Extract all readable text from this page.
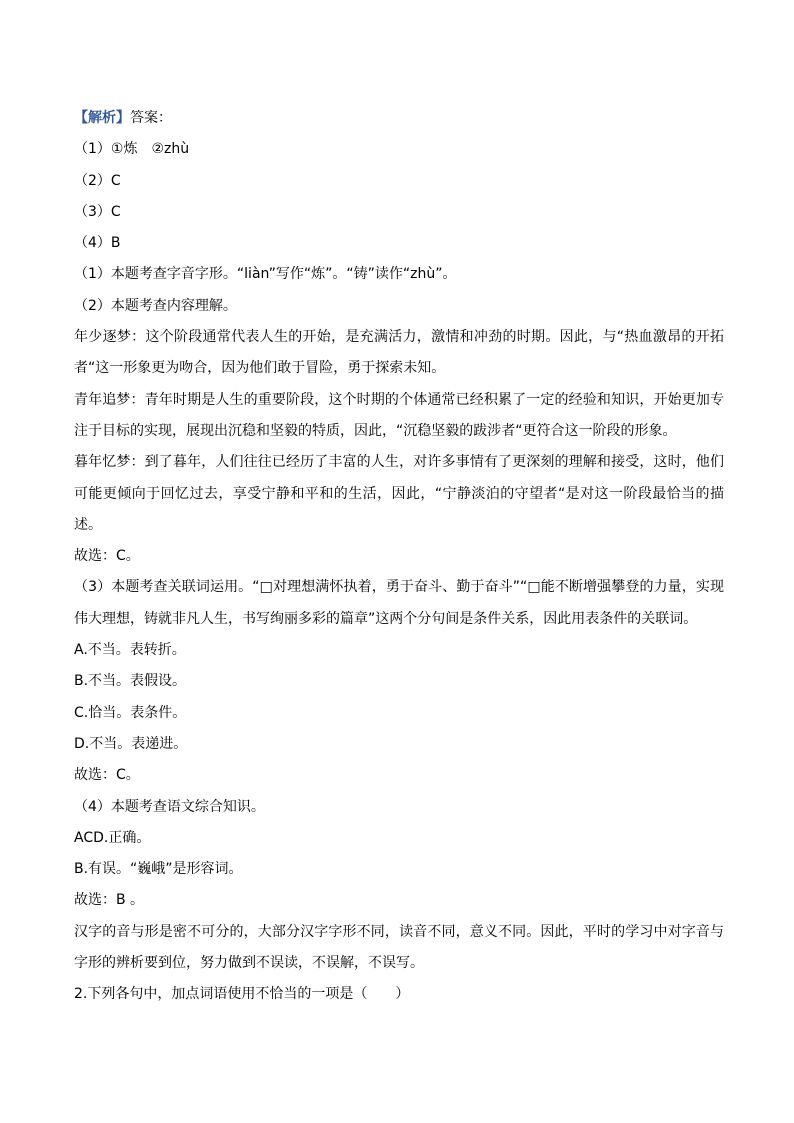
【解析】答案：
（1）①炼　②zhù
（2）C
（3）C
（4）B
（1）本题考查字音字形。“liàn”写作“炼”。“铸”读作“zhù”。
（2）本题考查内容理解。
年少逐梦：这个阶段通常代表人生的开始，是充满活力，激情和冲劲的时期。因此，与“热血激昂的开拓者“这一形象更为吻合，因为他们敢于冒险，勇于探索未知。
青年追梦：青年时期是人生的重要阶段，这个时期的个体通常已经积累了一定的经验和知识，开始更加专注于目标的实现，展现出沉稳和坚毅的特质，因此，“沉稳坚毅的跋涉者“更符合这一阶段的形象。
暮年忆梦：到了暮年，人们往往已经历了丰富的人生，对许多事情有了更深刻的理解和接受，这时，他们可能更倾向于回忆过去，享受宁静和平和的生活，因此，“宁静淡泊的守望者“是对这一阶段最恰当的描述。
故选：C。
（3）本题考查关联词运用。“□对理想满怀执着，勇于奋斗、勤于奋斗”“□能不断增强攀登的力量，实现伟大理想，铸就非凡人生，书写绚丽多彩的篇章”这两个分句间是条件关系，因此用表条件的关联词。
A.不当。表转折。
B.不当。表假设。
C.恰当。表条件。
D.不当。表递进。
故选：C。
（4）本题考查语文综合知识。
ACD.正确。
B.有误。“巍峨”是形容词。
故选：B 。
汉字的音与形是密不可分的，大部分汉字字形不同，读音不同，意义不同。因此，平时的学习中对字音与字形的辨析要到位，努力做到不误读，不误解，不误写。
2.下列各句中，加点词语使用不恰当的一项是（　　）
